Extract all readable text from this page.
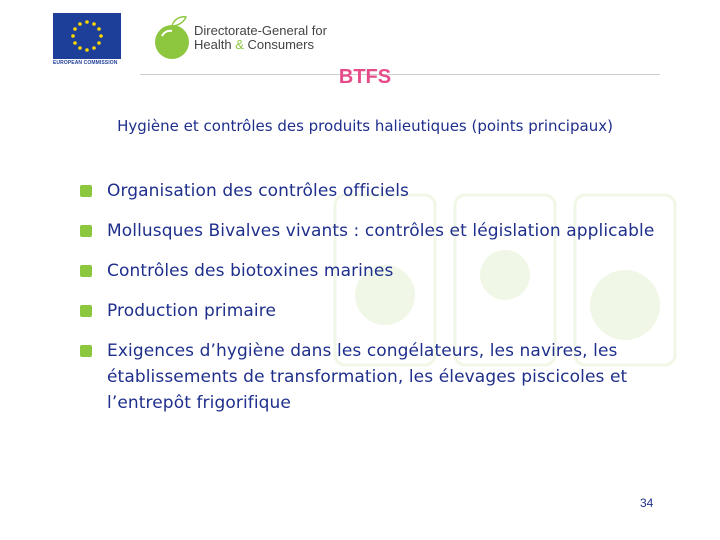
EUROPEAN COMMISSION
Directorate-General for
Health & Consumers
BTFS
Hygiène et contrôles des produits halieutiques (points principaux)
Organisation des contrôles officiels
Mollusques Bivalves vivants : contrôles et législation applicable
Contrôles des biotoxines marines
Production primaire
Exigences d’hygiène dans les congélateurs, les navires, les établissements de transformation, les élevages piscicoles et l’entrepôt frigorifique
34
